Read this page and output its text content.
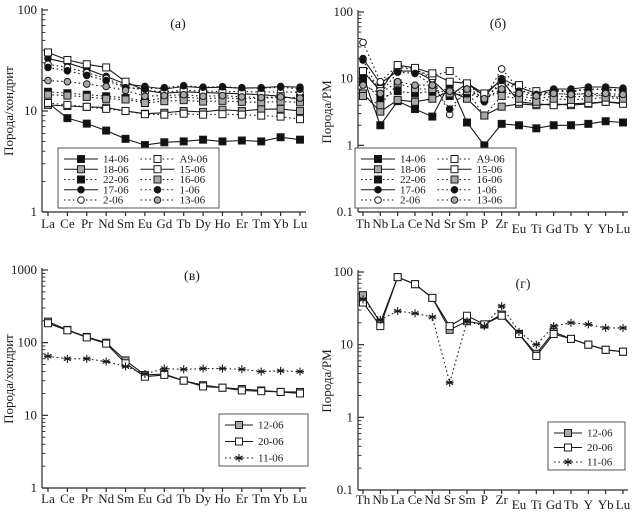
1
10
100
La Ce Pr Nd Sm Eu Gd Tb Dy Ho Er Tm Yb Lu
Порода/хондрит
(а)
14-06
18-06
22-06
17-06
2-06
A9-06
15-06
16-06
1-06
13-06
0.1
1
10
100
Th Nb La Ce Nd Sr Sm P Zr Eu Ti Gd Tb Y Yb Lu
Порода/РМ
(б)
14-06
18-06
22-06
17-06
2-06
A9-06
15-06
16-06
1-06
13-06
1
10
100
1000
La Ce Pr Nd Sm Eu Gd Tb Dy Ho Er Tm Yb Lu
Порода/хондрит
(в)
12-06
20-06
11-06
0.1
1
10
100
Th Nb La Ce Nd Sr Sm P Zr Eu Ti Gd Tb Y Yb Lu
Порода/РМ
(г)
12-06
20-06
11-06
